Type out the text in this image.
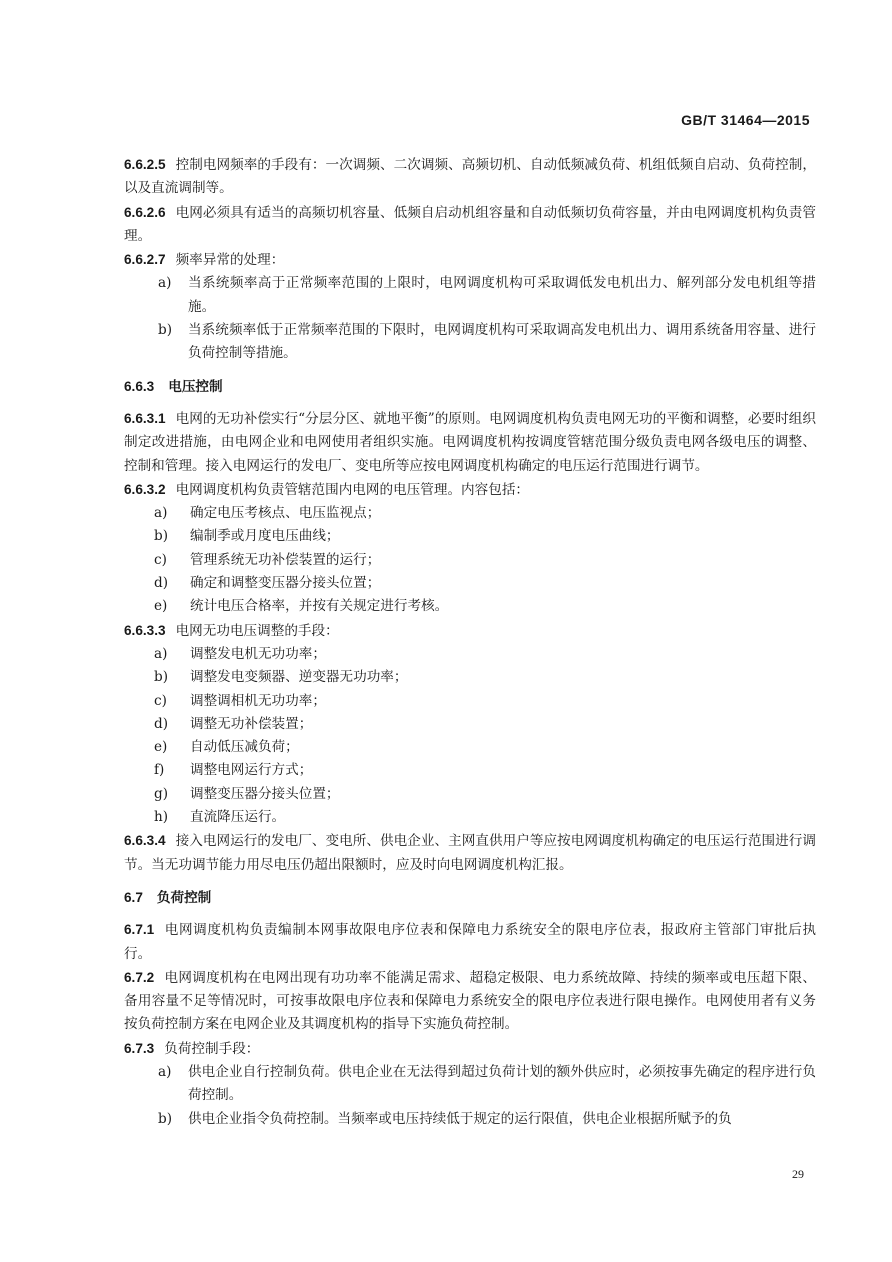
GB/T 31464—2015
6.6.2.5 控制电网频率的手段有：一次调频、二次调频、高频切机、自动低频减负荷、机组低频自启动、负荷控制，以及直流调制等。
6.6.2.6 电网必须具有适当的高频切机容量、低频自启动机组容量和自动低频切负荷容量，并由电网调度机构负责管理。
6.6.2.7 频率异常的处理：
a) 当系统频率高于正常频率范围的上限时，电网调度机构可采取调低发电机出力、解列部分发电机组等措施。
b) 当系统频率低于正常频率范围的下限时，电网调度机构可采取调高发电机出力、调用系统备用容量、进行负荷控制等措施。
6.6.3 电压控制
6.6.3.1 电网的无功补偿实行“分层分区、就地平衡”的原则。电网调度机构负责电网无功的平衡和调整，必要时组织制定改进措施，由电网企业和电网使用者组织实施。电网调度机构按调度管辖范围分级负责电网各级电压的调整、控制和管理。接入电网运行的发电厂、变电所等应按电网调度机构确定的电压运行范围进行调节。
6.6.3.2 电网调度机构负责管辖范围内电网的电压管理。内容包括：
a) 确定电压考核点、电压监视点；
b) 编制季或月度电压曲线；
c) 管理系统无功补偿装置的运行；
d) 确定和调整变压器分接头位置；
e) 统计电压合格率，并按有关规定进行考核。
6.6.3.3 电网无功电压调整的手段：
a) 调整发电机无功功率；
b) 调整发电变频器、逆变器无功功率；
c) 调整调相机无功功率；
d) 调整无功补偿装置；
e) 自动低压减负荷；
f) 调整电网运行方式；
g) 调整变压器分接头位置；
h) 直流降压运行。
6.6.3.4 接入电网运行的发电厂、变电所、供电企业、主网直供用户等应按电网调度机构确定的电压运行范围进行调节。当无功调节能力用尽电压仍超出限额时，应及时向电网调度机构汇报。
6.7 负荷控制
6.7.1 电网调度机构负责编制本网事故限电序位表和保障电力系统安全的限电序位表，报政府主管部门审批后执行。
6.7.2 电网调度机构在电网出现有功功率不能满足需求、超稳定极限、电力系统故障、持续的频率或电压超下限、备用容量不足等情况时，可按事故限电序位表和保障电力系统安全的限电序位表进行限电操作。电网使用者有义务按负荷控制方案在电网企业及其调度机构的指导下实施负荷控制。
6.7.3 负荷控制手段：
a) 供电企业自行控制负荷。供电企业在无法得到超过负荷计划的额外供应时，必须按事先确定的程序进行负荷控制。
b) 供电企业指令负荷控制。当频率或电压持续低于规定的运行限值，供电企业根据所赋予的负
29
